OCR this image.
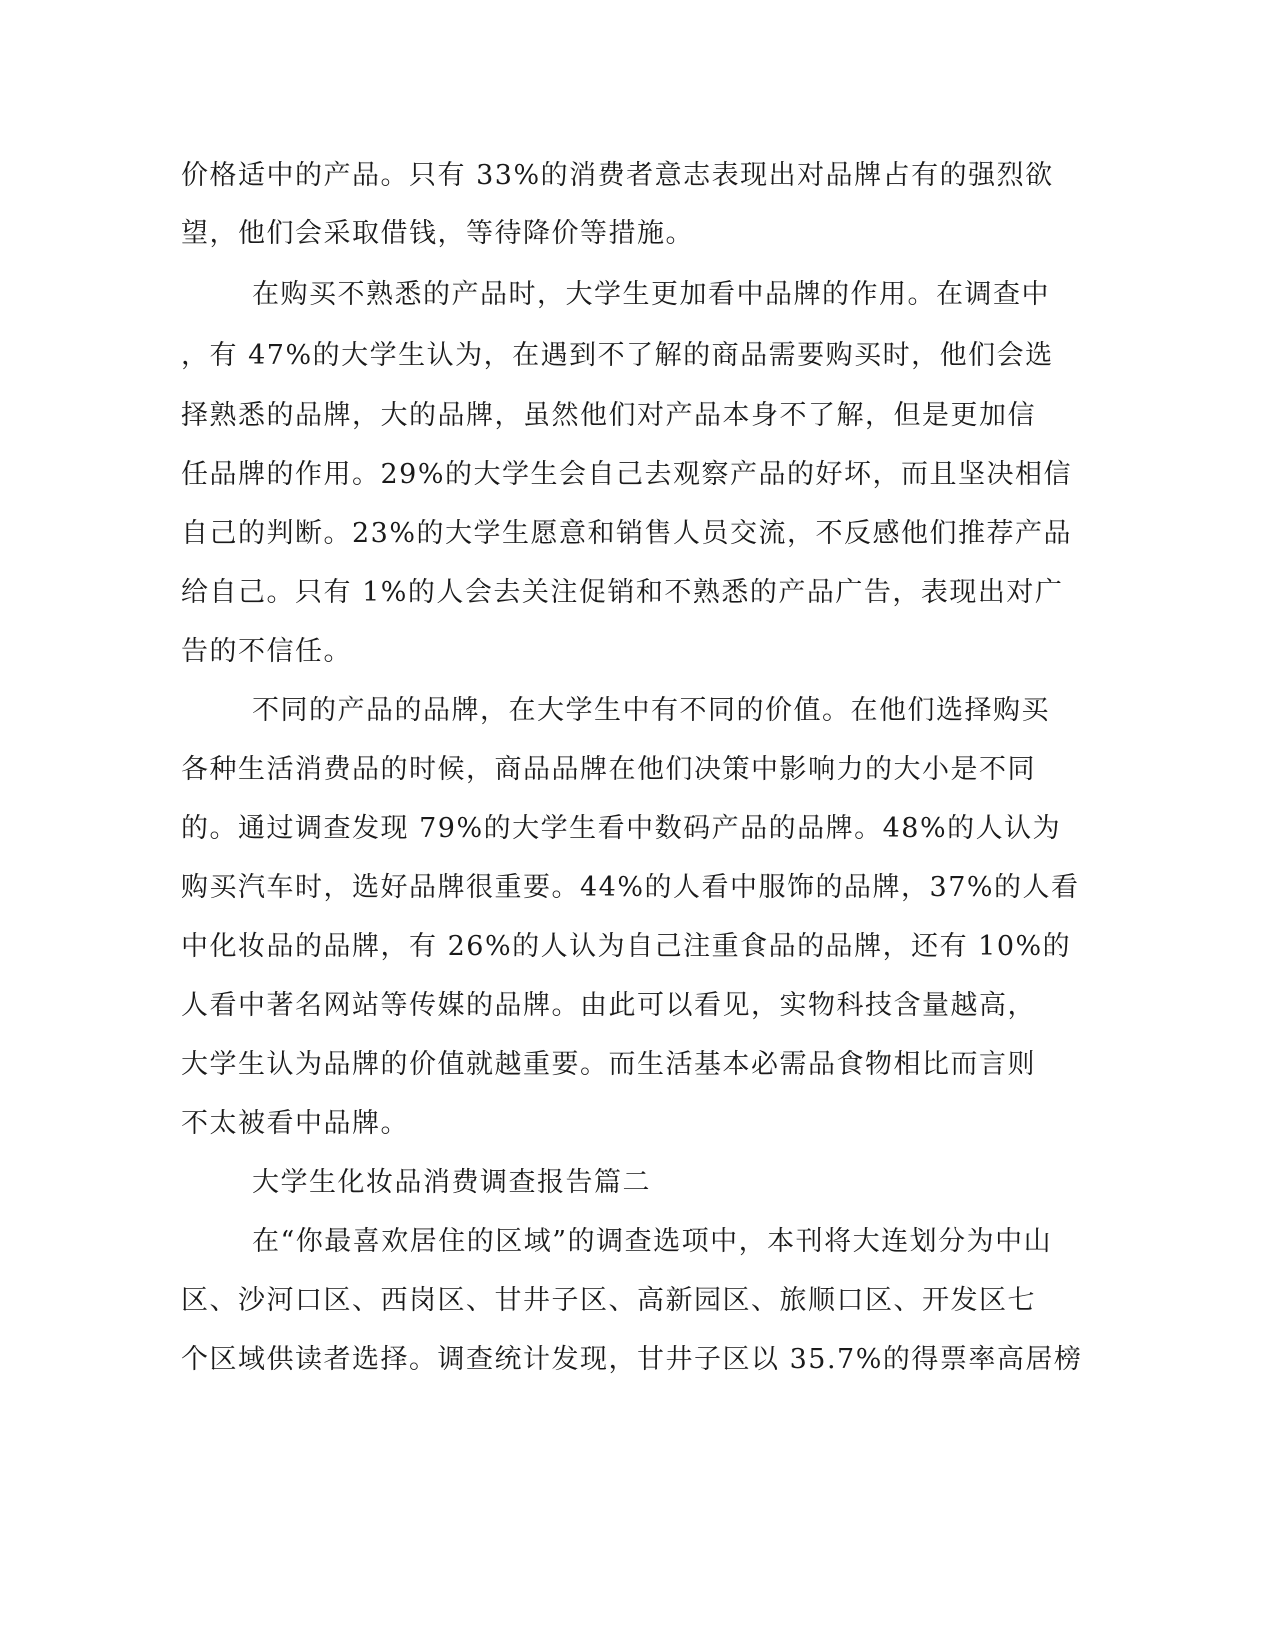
价格适中的产品。只有 33%的消费者意志表现出对品牌占有的强烈欲
望，他们会采取借钱，等待降价等措施。
在购买不熟悉的产品时，大学生更加看中品牌的作用。在调查中
，有 47%的大学生认为，在遇到不了解的商品需要购买时，他们会选
择熟悉的品牌，大的品牌，虽然他们对产品本身不了解，但是更加信
任品牌的作用。29%的大学生会自己去观察产品的好坏，而且坚决相信
自己的判断。23%的大学生愿意和销售人员交流，不反感他们推荐产品
给自己。只有 1%的人会去关注促销和不熟悉的产品广告，表现出对广
告的不信任。
不同的产品的品牌，在大学生中有不同的价值。在他们选择购买
各种生活消费品的时候，商品品牌在他们决策中影响力的大小是不同
的。通过调查发现 79%的大学生看中数码产品的品牌。48%的人认为
购买汽车时，选好品牌很重要。44%的人看中服饰的品牌，37%的人看
中化妆品的品牌，有 26%的人认为自己注重食品的品牌，还有 10%的
人看中著名网站等传媒的品牌。由此可以看见，实物科技含量越高，
大学生认为品牌的价值就越重要。而生活基本必需品食物相比而言则
不太被看中品牌。
大学生化妆品消费调查报告篇二
在“你最喜欢居住的区域”的调查选项中，本刊将大连划分为中山
区、沙河口区、西岗区、甘井子区、高新园区、旅顺口区、开发区七
个区域供读者选择。调查统计发现，甘井子区以 35.7%的得票率高居榜
